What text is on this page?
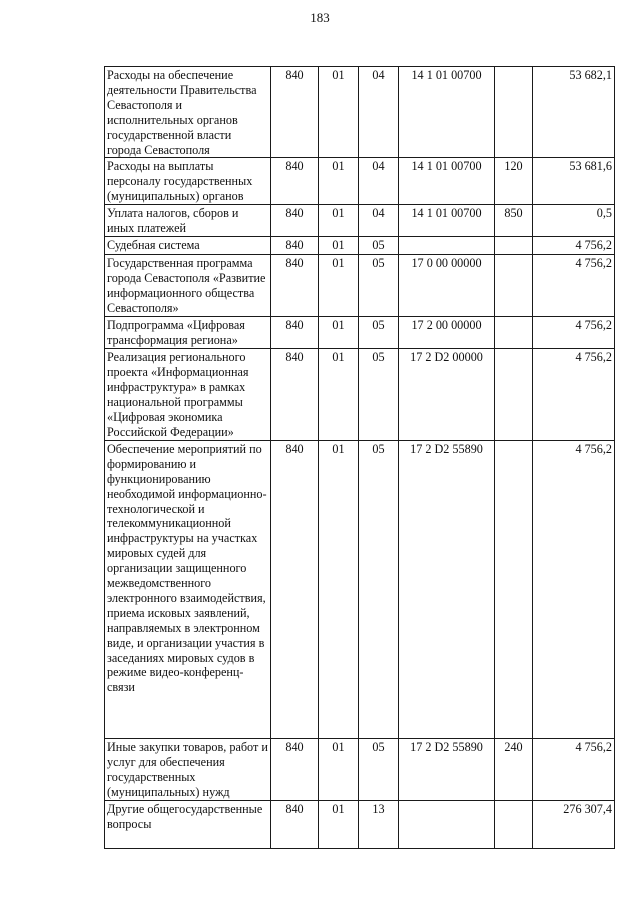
183
Расходы на обеспечение деятельности Правительства Севастополя и исполнительных органов государственной власти города Севастополя	840	01	04	14 1 01 00700		53 682,1
Расходы на выплаты персоналу государственных (муниципальных) органов	840	01	04	14 1 01 00700	120	53 681,6
Уплата налогов, сборов и иных платежей	840	01	04	14 1 01 00700	850	0,5
Судебная система	840	01	05			4 756,2
Государственная программа города Севастополя «Развитие информационного общества Севастополя»	840	01	05	17 0 00 00000		4 756,2
Подпрограмма «Цифровая трансформация региона»	840	01	05	17 2 00 00000		4 756,2
Реализация регионального проекта «Информационная инфраструктура» в рамках национальной программы «Цифровая экономика Российской Федерации»	840	01	05	17 2 D2 00000		4 756,2
Обеспечение мероприятий по формированию и функционированию необходимой информационно-технологической и телекоммуникационной инфраструктуры на участках мировых судей для организации защищенного межведомственного электронного взаимодействия, приема исковых заявлений, направляемых в электронном виде, и организации участия в заседаниях мировых судов в режиме видео-конференц-связи	840	01	05	17 2 D2 55890		4 756,2
Иные закупки товаров, работ и услуг для обеспечения государственных (муниципальных) нужд	840	01	05	17 2 D2 55890	240	4 756,2
Другие общегосударственные вопросы	840	01	13			276 307,4
